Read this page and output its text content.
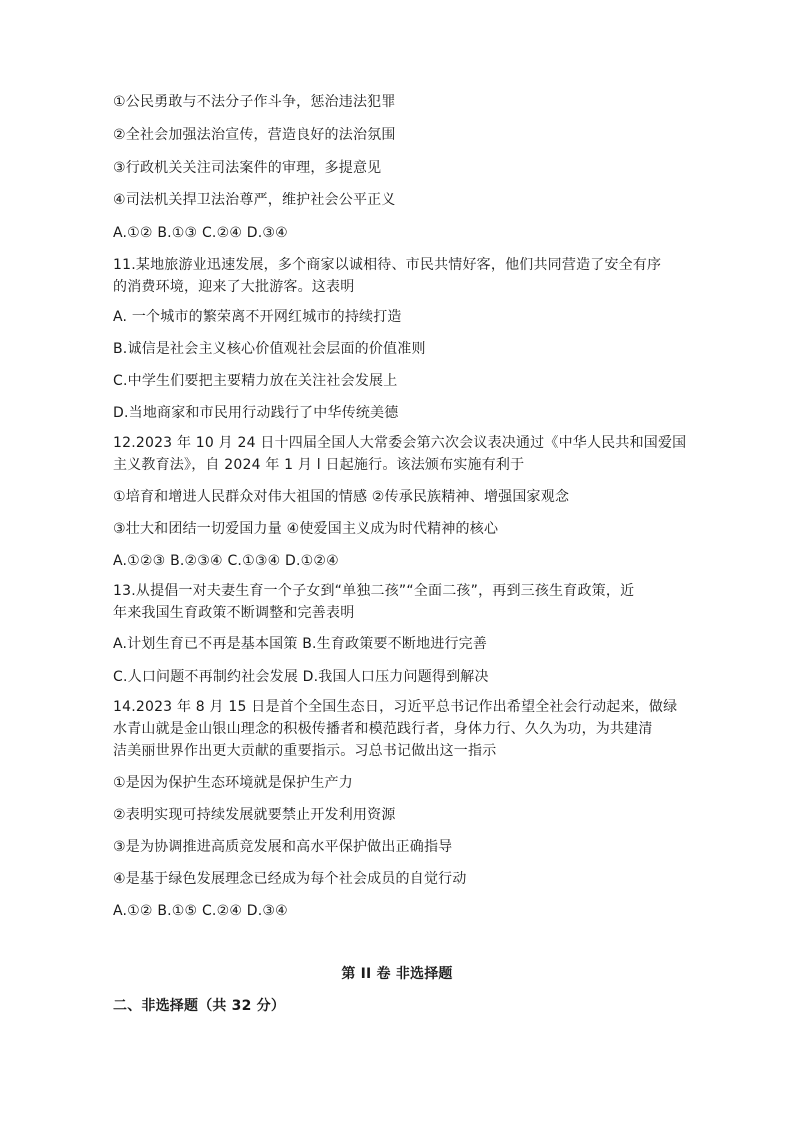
①公民勇敢与不法分子作斗争，惩治违法犯罪
②全社会加强法治宣传，营造良好的法治氛围
③行政机关关注司法案件的审理，多提意见
④司法机关捍卫法治尊严，维护社会公平正义
A.①② B.①③ C.②④ D.③④
11.某地旅游业迅速发展，多个商家以诚相待、市民共情好客，他们共同营造了安全有序
的消费环境，迎来了大批游客。这表明
A. 一个城市的繁荣离不开网红城市的持续打造
B.诚信是社会主义核心价值观社会层面的价值准则
C.中学生们要把主要精力放在关注社会发展上
D.当地商家和市民用行动践行了中华传统美德
12.2023 年 10 月 24 日十四届全国人大常委会第六次会议表决通过《中华人民共和国爱国
主义教育法》，自 2024 年 1 月 l 日起施行。该法颁布实施有利于
①培育和增进人民群众对伟大祖国的情感 ②传承民族精神、增强国家观念
③壮大和团结一切爱国力量 ④使爱国主义成为时代精神的核心
A.①②③ B.②③④ C.①③④ D.①②④
13.从提倡一对夫妻生育一个子女到“单独二孩”“全面二孩”，再到三孩生育政策，近
年来我国生育政策不断调整和完善表明
A.计划生育已不再是基本国策 B.生育政策要不断地进行完善
C.人口问题不再制约社会发展 D.我国人口压力问题得到解决
14.2023 年 8 月 15 日是首个全国生态日，习近平总书记作出希望全社会行动起来，做绿
水青山就是金山银山理念的积极传播者和模范践行者，身体力行、久久为功，为共建清
洁美丽世界作出更大贡献的重要指示。习总书记做出这一指示
①是因为保护生态环境就是保护生产力
②表明实现可持续发展就要禁止开发利用资源
③是为协调推进高质竞发展和高水平保护做出正确指导
④是基于绿色发展理念已经成为每个社会成员的自觉行动
A.①② B.①⑤ C.②④ D.③④
第 II 卷 非选择题
二、非选择题（共 32 分）
